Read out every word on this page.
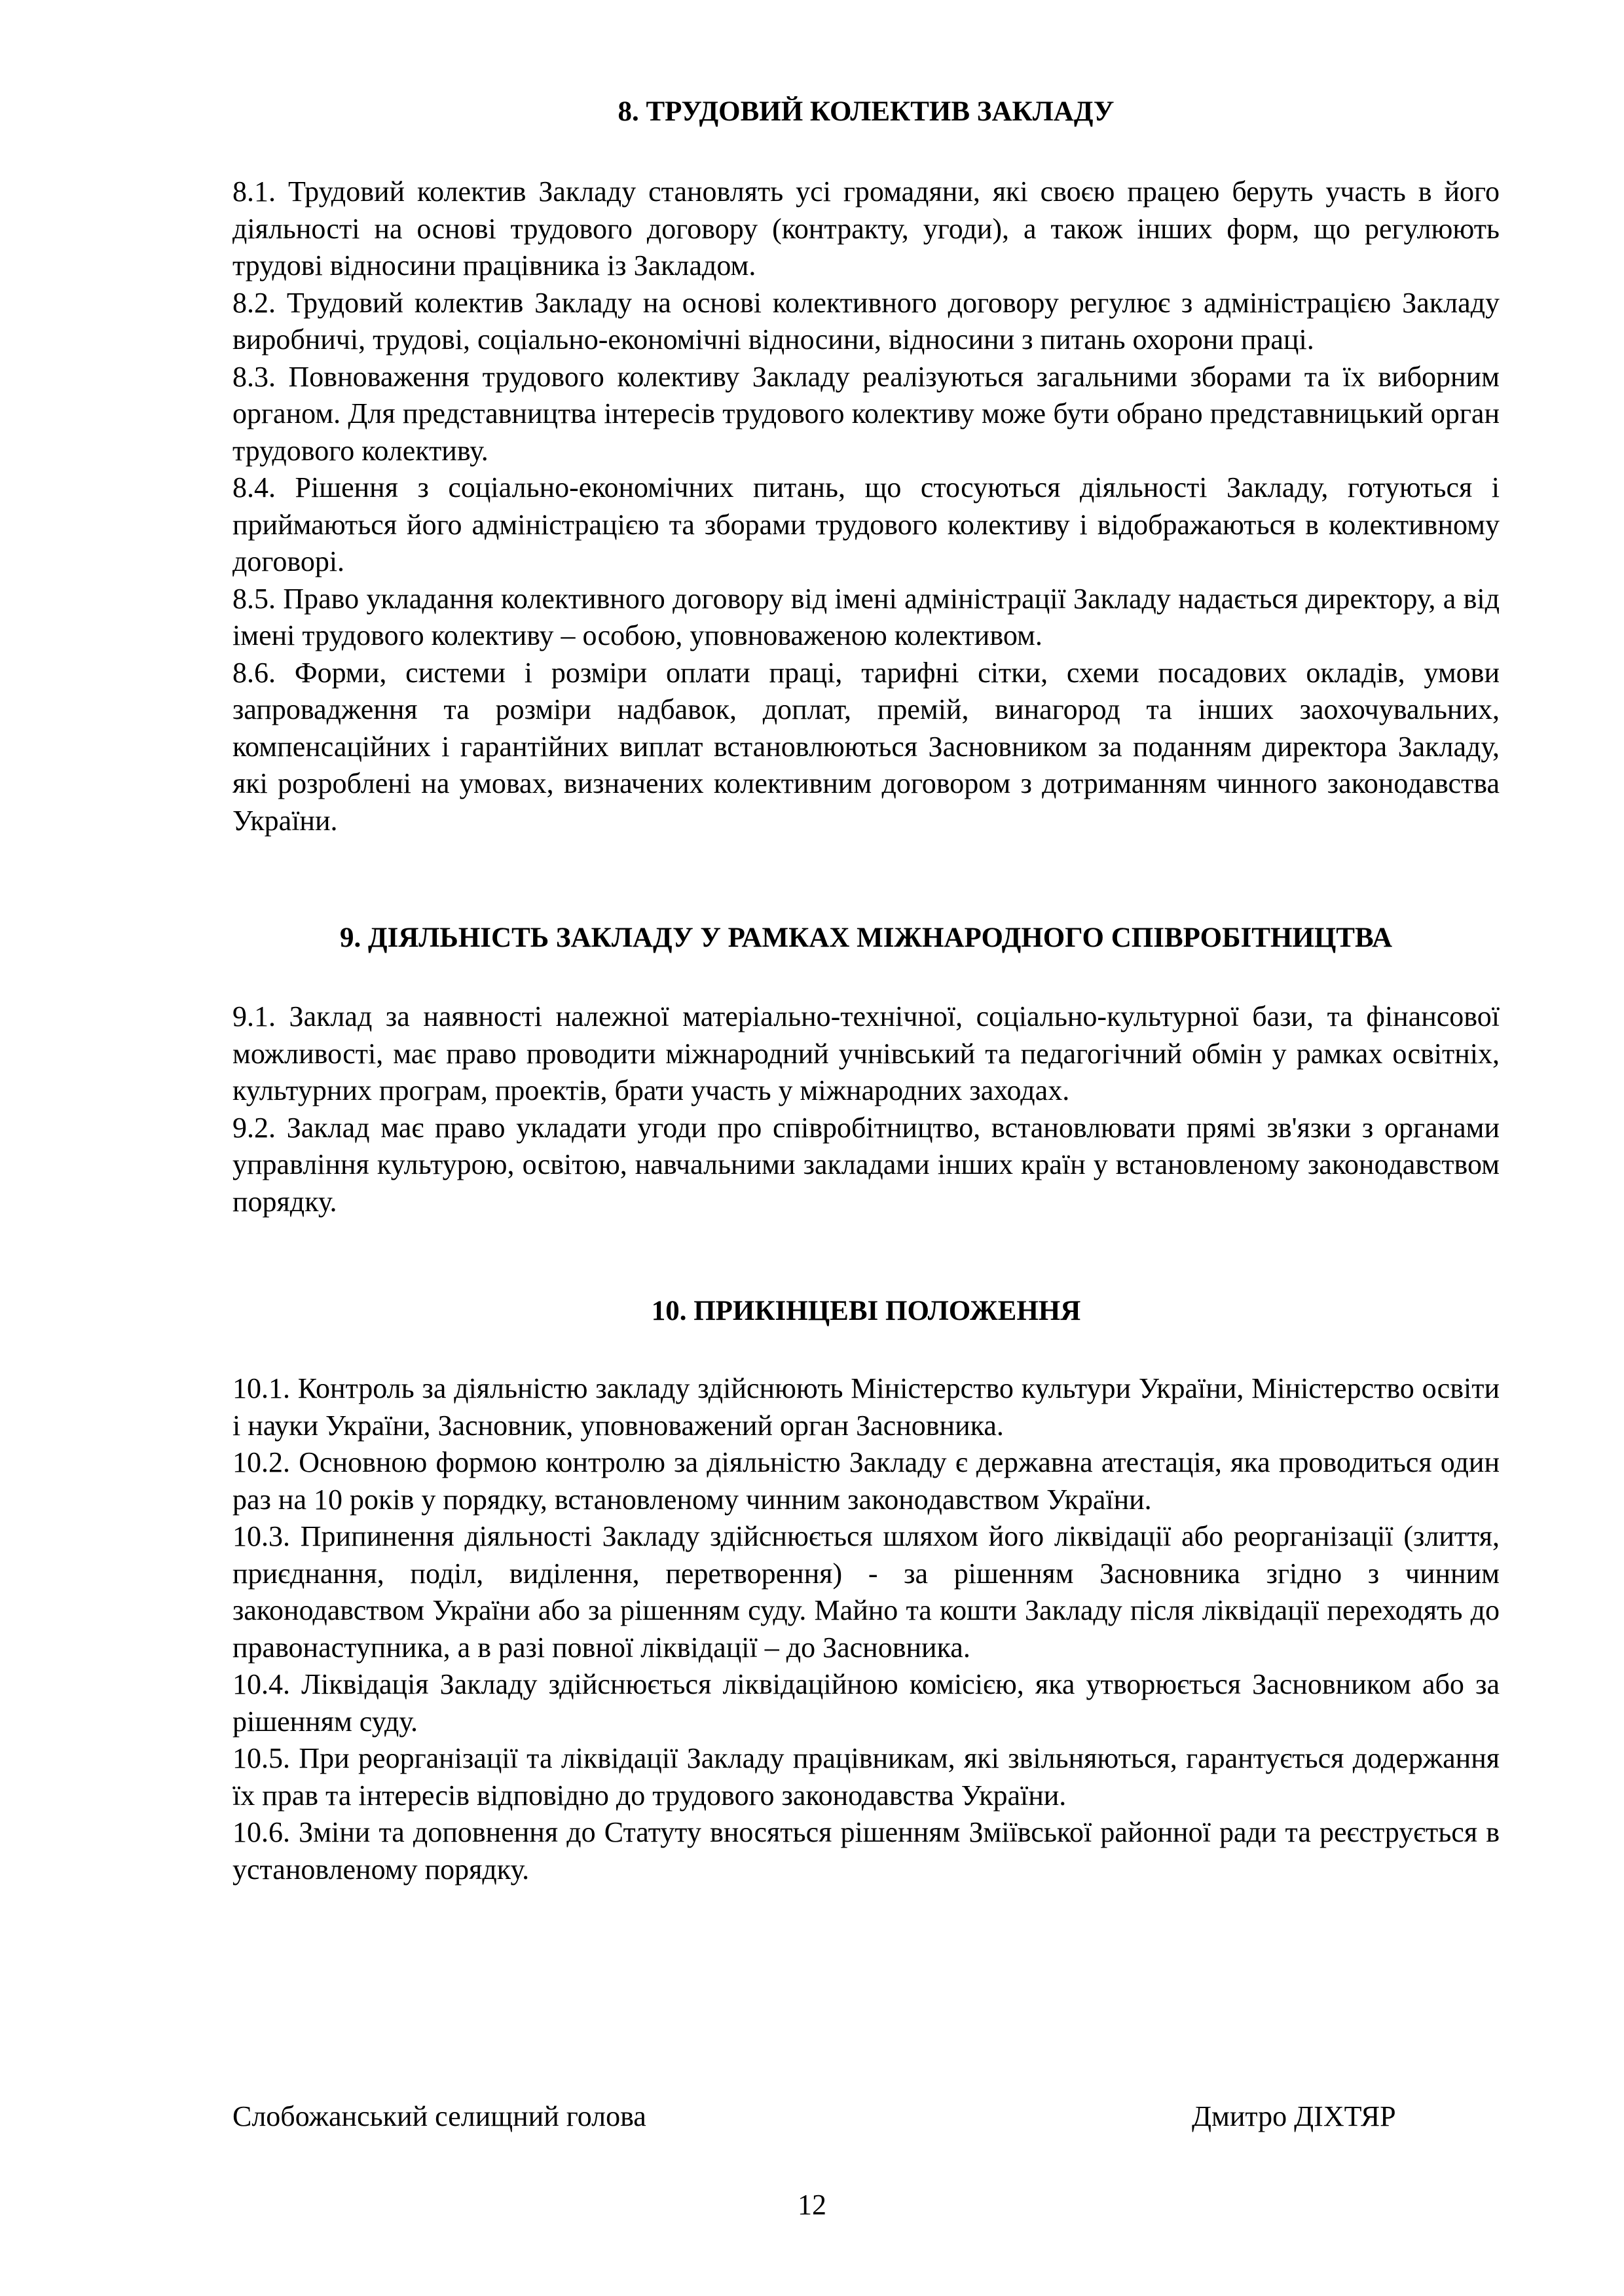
8. ТРУДОВИЙ КОЛЕКТИВ ЗАКЛАДУ

8.1. Трудовий колектив Закладу становлять усі громадяни, які своєю працею беруть участь в його діяльності на основі трудового договору (контракту, угоди), а також інших форм, що регулюють трудові відносини працівника із Закладом.

8.2. Трудовий колектив Закладу на основі колективного договору регулює з адміністрацією Закладу виробничі, трудові, соціально-економічні відносини, відносини з питань охорони праці.

8.3. Повноваження трудового колективу Закладу реалізуються загальними зборами та їх виборним органом. Для представництва інтересів трудового колективу може бути обрано представницький орган трудового колективу.

8.4. Рішення з соціально-економічних питань, що стосуються діяльності Закладу, готуються і приймаються його адміністрацією та зборами трудового колективу і відображаються в колективному договорі.

8.5. Право укладання колективного договору від імені адміністрації Закладу надається директору, а від імені трудового колективу – особою, уповноваженою колективом.

8.6. Форми, системи і розміри оплати праці, тарифні сітки, схеми посадових окладів, умови запровадження та розміри надбавок, доплат, премій, винагород та інших заохочувальних, компенсаційних і гарантійних виплат встановлюються Засновником за поданням директора Закладу, які розроблені на умовах, визначених колективним договором з дотриманням чинного законодавства України.

9. ДІЯЛЬНІСТЬ ЗАКЛАДУ У РАМКАХ МІЖНАРОДНОГО СПІВРОБІТНИЦТВА

9.1. Заклад за наявності належної матеріально-технічної, соціально-культурної бази, та фінансової можливості, має право проводити міжнародний учнівський та педагогічний обмін у рамках освітніх, культурних програм, проектів, брати участь у міжнародних заходах.

9.2. Заклад має право укладати угоди про співробітництво, встановлювати прямі зв'язки з органами управління культурою, освітою, навчальними закладами інших країн у встановленому законодавством порядку.

10. ПРИКІНЦЕВІ ПОЛОЖЕННЯ

10.1. Контроль за діяльністю закладу здійснюють Міністерство культури України, Міністерство освіти і науки України, Засновник, уповноважений орган Засновника.

10.2. Основною формою контролю за діяльністю Закладу є державна атестація, яка проводиться один раз на 10 років у порядку, встановленому чинним законодавством України.

10.3. Припинення діяльності Закладу здійснюється шляхом його ліквідації або реорганізації (злиття, приєднання, поділ, виділення, перетворення) - за рішенням Засновника згідно з чинним законодавством України або за рішенням суду. Майно та кошти Закладу після ліквідації переходять до правонаступника, а в разі повної ліквідації – до Засновника.

10.4. Ліквідація Закладу здійснюється ліквідаційною комісією, яка утворюється Засновником або за рішенням суду.

10.5. При реорганізації та ліквідації Закладу працівникам, які звільняються, гарантується додержання їх прав та інтересів відповідно до трудового законодавства України.

10.6. Зміни та доповнення до Статуту вносяться рішенням Зміївської районної ради та реєструється в установленому порядку.

Слобожанський селищний голова	Дмитро ДІХТЯР
12
